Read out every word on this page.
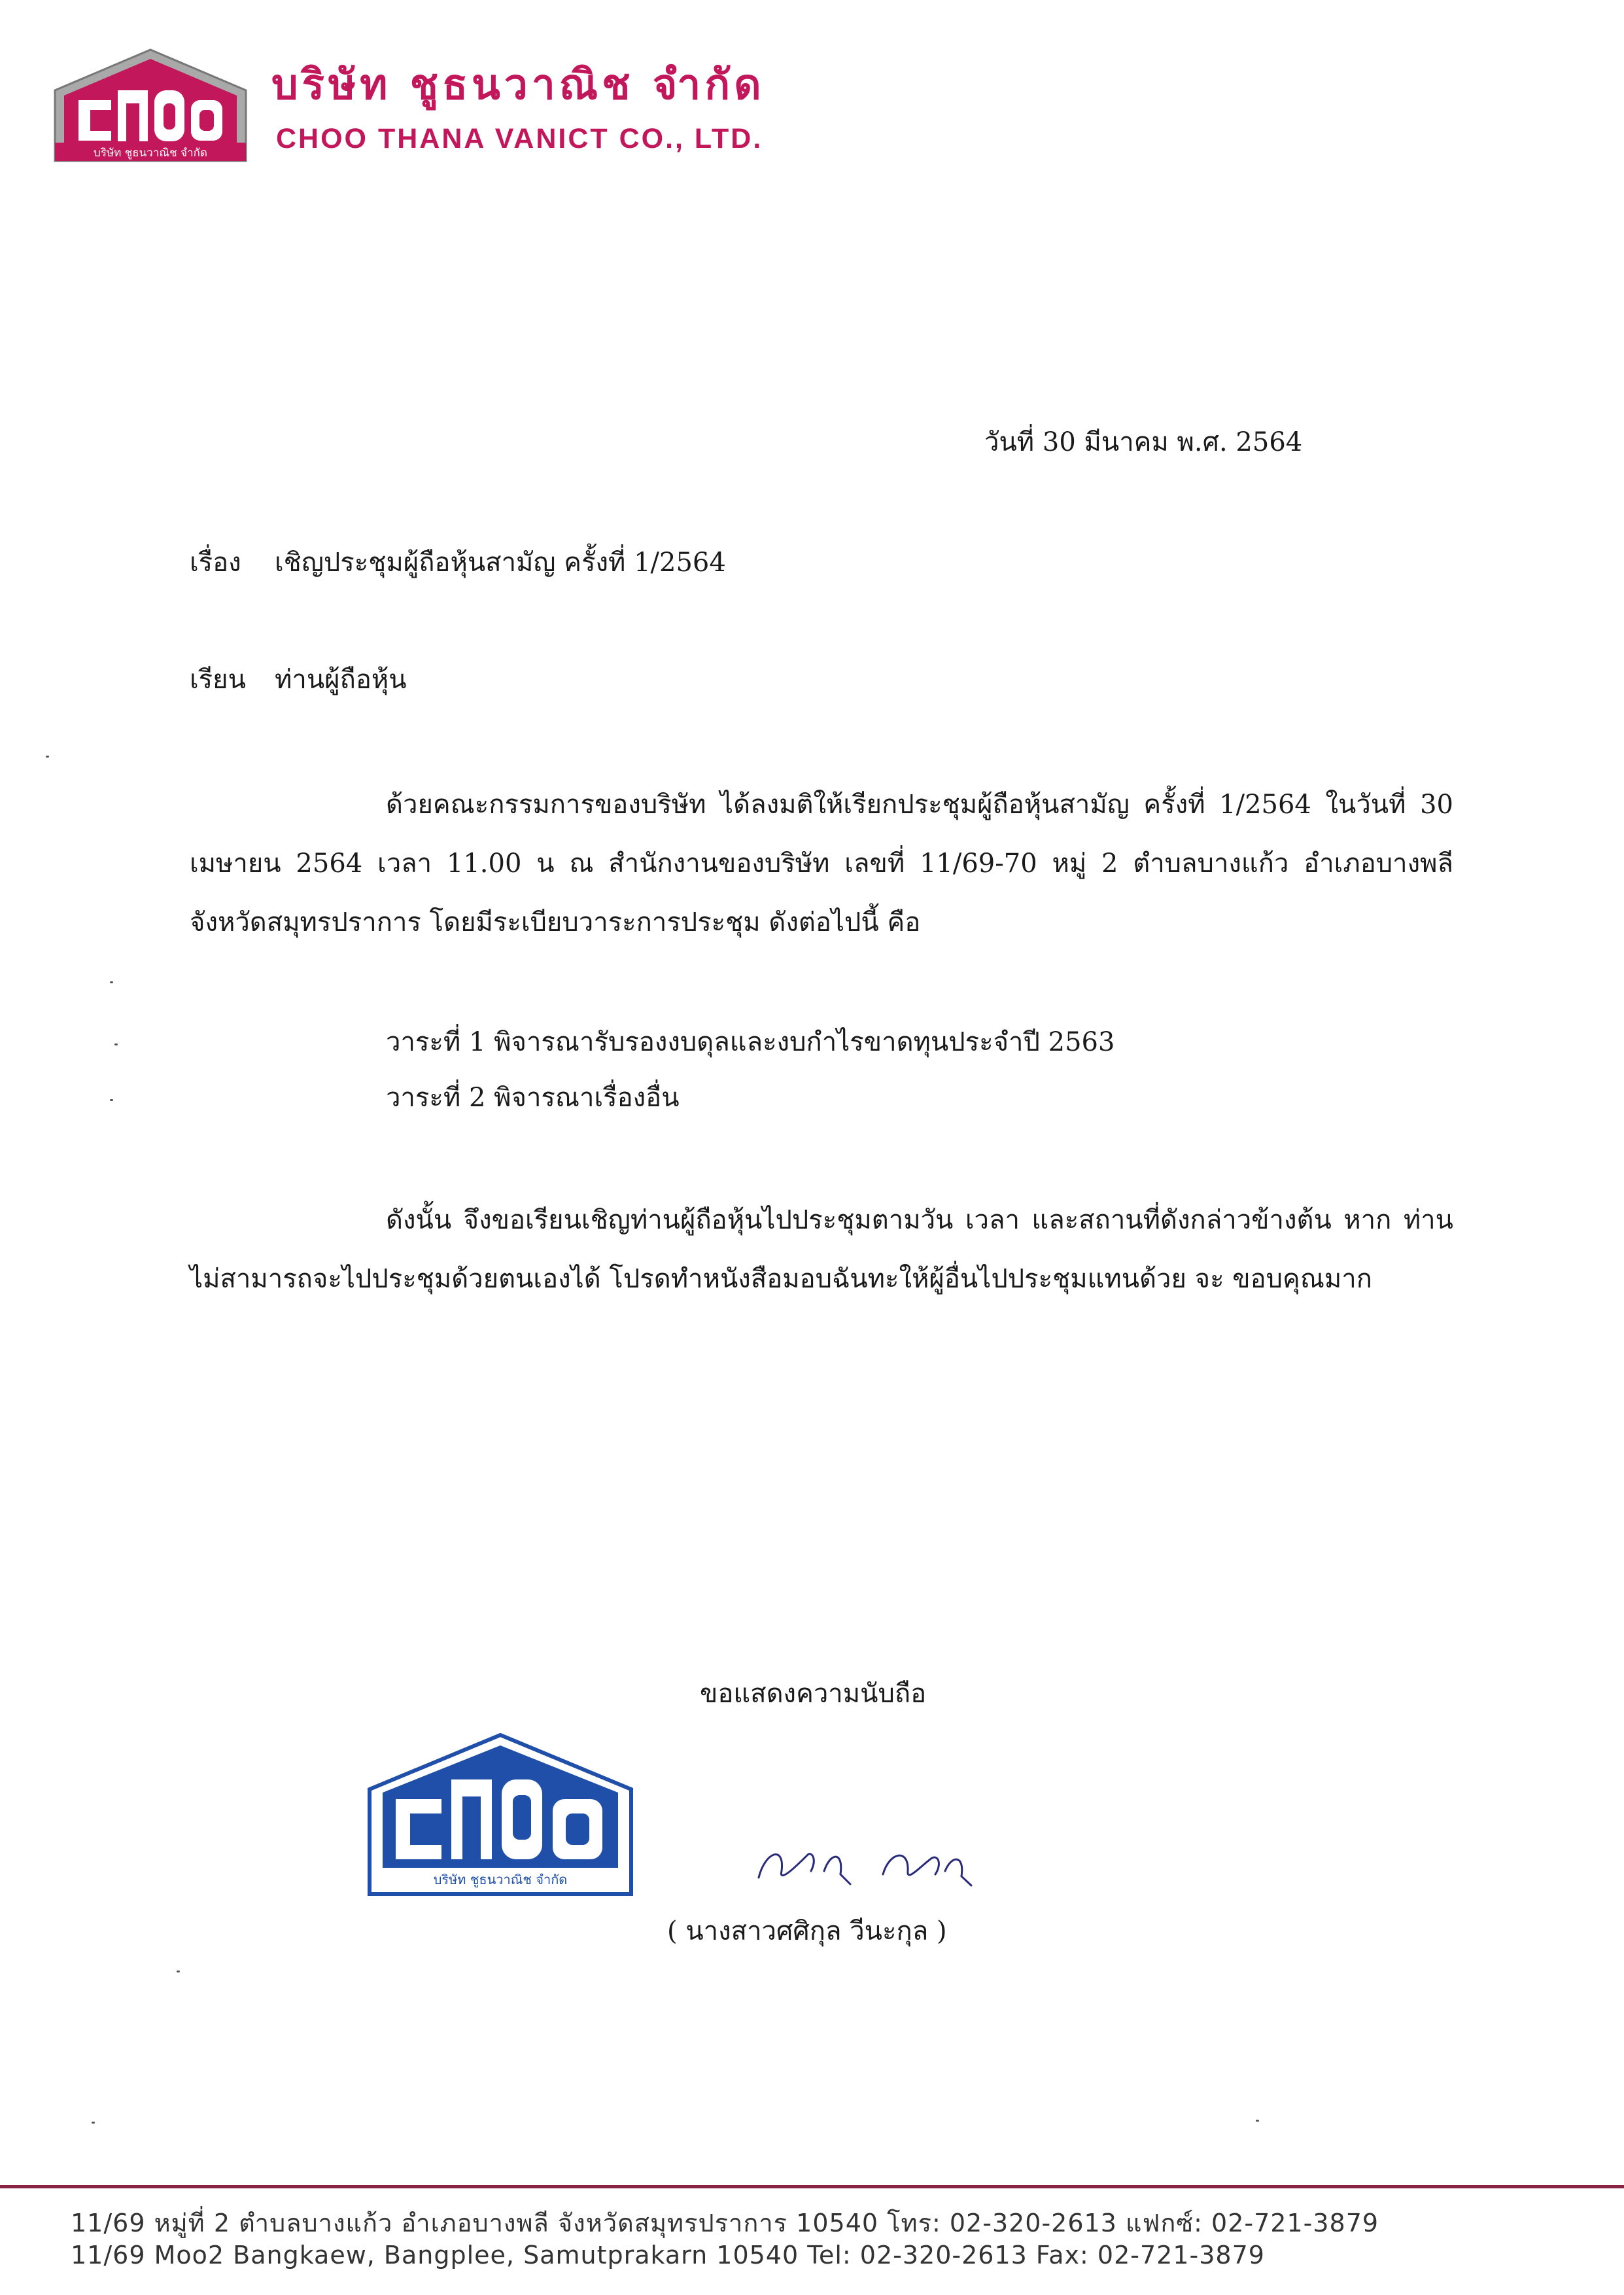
บริษัท ชูธนวาณิช จำกัด
บริษัท ชูธนวาณิช จำกัด
CHOO THANA VANICT CO., LTD.
วันที่ 30 มีนาคม พ.ศ. 2564
เรื่อง เชิญประชุมผู้ถือหุ้นสามัญ ครั้งที่ 1/2564
เรียน ท่านผู้ถือหุ้น
ด้วยคณะกรรมการของบริษัท ได้ลงมติให้เรียกประชุมผู้ถือหุ้นสามัญ ครั้งที่ 1/2564 ในวันที่ 30 เมษายน 2564 เวลา 11.00 น ณ สำนักงานของบริษัท เลขที่ 11/69-70 หมู่ 2 ตำบลบางแก้ว อำเภอบางพลี จังหวัดสมุทรปราการ โดยมีระเบียบวาระการประชุม ดังต่อไปนี้ คือ
วาระที่ 1 พิจารณารับรองงบดุลและงบกำไรขาดทุนประจำปี 2563
วาระที่ 2 พิจารณาเรื่องอื่น
ดังนั้น จึงขอเรียนเชิญท่านผู้ถือหุ้นไปประชุมตามวัน เวลา และสถานที่ดังกล่าวข้างต้น หาก ท่านไม่สามารถจะไปประชุมด้วยตนเองได้ โปรดทำหนังสือมอบฉันทะให้ผู้อื่นไปประชุมแทนด้วย จะ ขอบคุณมาก
ขอแสดงความนับถือ
บริษัท ชูธนวาณิช จำกัด
( นางสาวศศิกุล วีนะกุล )
11/69 หมู่ที่ 2 ตำบลบางแก้ว อำเภอบางพลี จังหวัดสมุทรปราการ 10540 โทร: 02-320-2613 แฟกซ์: 02-721-3879
11/69 Moo2 Bangkaew, Bangplee, Samutprakarn 10540 Tel: 02-320-2613 Fax: 02-721-3879
